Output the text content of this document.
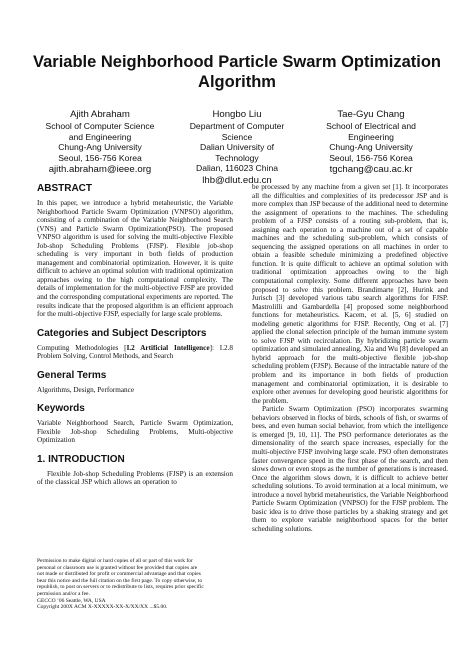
Variable Neighborhood Particle Swarm Optimization
Algorithm
Ajith Abraham
School of Computer Science
and Engineering
Chung-Ang University
Seoul, 156-756 Korea
ajith.abraham@ieee.org
Hongbo Liu
Department of Computer
Science
Dalian University of
Technology
Dalian, 116023 China
lhb@dlut.edu.cn
Tae-Gyu Chang
School of Electrical and
Engineering
Chung-Ang University
Seoul, 156-756 Korea
tgchang@cau.ac.kr
ABSTRACT

In this paper, we introduce a hybrid metaheuristic, the Variable Neighborhood Particle Swarm Optimization (VNPSO) algorithm, consisting of a combination of the Variable Neighborhood Search (VNS) and Particle Swarm Optimization(PSO). The proposed VNPSO algorithm is used for solving the multi-objective Flexible Job-shop Scheduling Problems (FJSP). Flexible job-shop scheduling is very important in both fields of production management and combinatorial optimization. However, it is quite difficult to achieve an optimal solution with traditional optimization approaches owing to the high computational complexity. The details of implementation for the multi-objective FJSP are provided and the corresponding computational experiments are reported. The results indicate that the proposed algorithm is an efficient approach for the multi-objective FJSP, especially for large scale problems.

Categories and Subject Descriptors

Computing Methodologies [I.2 Artificial Intelligence]: I.2.8 Problem Solving, Control Methods, and Search

General Terms

Algorithms, Design, Performance

Keywords

Variable Neighborhood Search, Particle Swarm Optimization, Flexible Job-shop Scheduling Problems, Multi-objective Optimization

1. INTRODUCTION

Flexible Job-shop Scheduling Problems (FJSP) is an extension of the classical JSP which allows an operation to

Permission to make digital or hard copies of all or part of this work for
personal or classroom use is granted without fee provided that copies are
not made or distributed for profit or commercial advantage and that copies
bear this notice and the full citation on the first page. To copy otherwise, to
republish, to post on servers or to redistribute to lists, requires prior specific
permission and/or a fee.
GECCO ’06 Seattle, WA, USA
Copyright 200X ACM X-XXXXX-XX-X/XX/XX ...$5.00.

be processed by any machine from a given set [1]. It incorporates all the difficulties and complexities of its predecessor JSP and is more complex than JSP because of the additional need to determine the assignment of operations to the machines. The scheduling problem of a FJSP consists of a routing sub-problem, that is, assigning each operation to a machine out of a set of capable machines and the scheduling sub-problem, which consists of sequencing the assigned operations on all machines in order to obtain a feasible schedule minimizing a predefined objective function. It is quite difficult to achieve an optimal solution with traditional optimization approaches owing to the high computational complexity. Some different approaches have been proposed to solve this problem. Brandimarte [2], Hurink and Jurisch [3] developed various tabu search algorithms for FJSP. Mastrolilli and Gambardella [4] proposed some neighborhood functions for metaheuristics. Kacem, et al. [5, 6] studied on modeling genetic algorithms for FJSP. Recently, Ong et al. [7] applied the clonal selection principle of the human immune system to solve FJSP with recirculation. By hybridizing particle swarm optimization and simulated annealing, Xia and Wu [8] developed an hybrid approach for the multi-objective flexible job-shop scheduling problem (FJSP). Because of the intractable nature of the problem and its importance in both fields of production management and combinatorial optimization, it is desirable to explore other avenues for developing good heuristic algorithms for the problem.

Particle Swarm Optimization (PSO) incorporates swarming behaviors observed in flocks of birds, schools of fish, or swarms of bees, and even human social behavior, from which the intelligence is emerged [9, 10, 11]. The PSO performance deteriorates as the dimensionality of the search space increases, especially for the multi-objective FJSP involving large scale. PSO often demonstrates faster convergence speed in the first phase of the search, and then slows down or even stops as the number of generations is increased. Once the algorithm slows down, it is difficult to achieve better scheduling solutions. To avoid termination at a local minimum, we introduce a novel hybrid metaheuristics, the Variable Neighborhood Particle Swarm Optimization (VNPSO) for the FJSP problem. The basic idea is to drive those particles by a shaking strategy and get them to explore variable neighborhood spaces for the better scheduling solutions.
